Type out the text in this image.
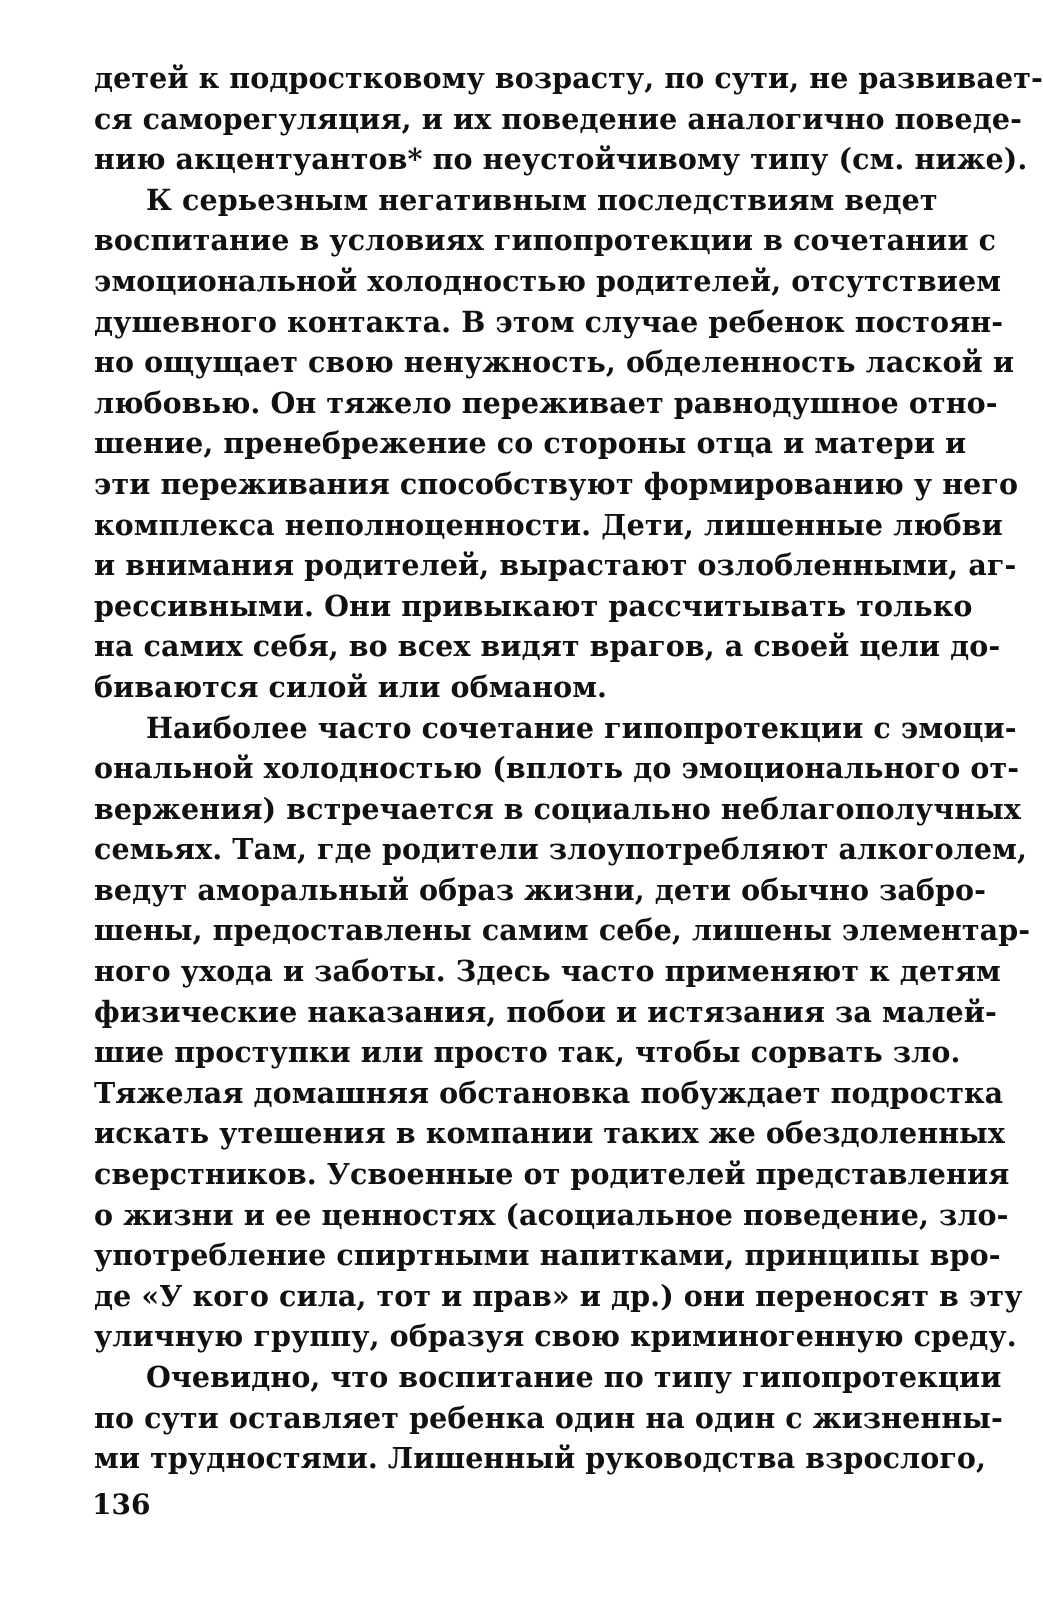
детей к подростковому возрасту, по сути, не развивает-
ся саморегуляция, и их поведение аналогично поведе-
нию акцентуантов* по неустойчивому типу (см. ниже).
К серьезным негативным последствиям ведет
воспитание в условиях гипопротекции в сочетании с
эмоциональной холодностью родителей, отсутствием
душевного контакта. В этом случае ребенок постоян-
но ощущает свою ненужность, обделенность лаской и
любовью. Он тяжело переживает равнодушное отно-
шение, пренебрежение со стороны отца и матери и
эти переживания способствуют формированию у него
комплекса неполноценности. Дети, лишенные любви
и внимания родителей, вырастают озлобленными, аг-
рессивными. Они привыкают рассчитывать только
на самих себя, во всех видят врагов, а своей цели до-
биваются силой или обманом.
Наиболее часто сочетание гипопротекции с эмоци-
ональной холодностью (вплоть до эмоционального от-
вержения) встречается в социально неблагополучных
семьях. Там, где родители злоупотребляют алкоголем,
ведут аморальный образ жизни, дети обычно забро-
шены, предоставлены самим себе, лишены элементар-
ного ухода и заботы. Здесь часто применяют к детям
физические наказания, побои и истязания за малей-
шие проступки или просто так, чтобы сорвать зло.
Тяжелая домашняя обстановка побуждает подростка
искать утешения в компании таких же обездоленных
сверстников. Усвоенные от родителей представления
о жизни и ее ценностях (асоциальное поведение, зло-
употребление спиртными напитками, принципы вро-
де «У кого сила, тот и прав» и др.) они переносят в эту
уличную группу, образуя свою криминогенную среду.
Очевидно, что воспитание по типу гипопротекции
по сути оставляет ребенка один на один с жизненны-
ми трудностями. Лишенный руководства взрослого,
136
